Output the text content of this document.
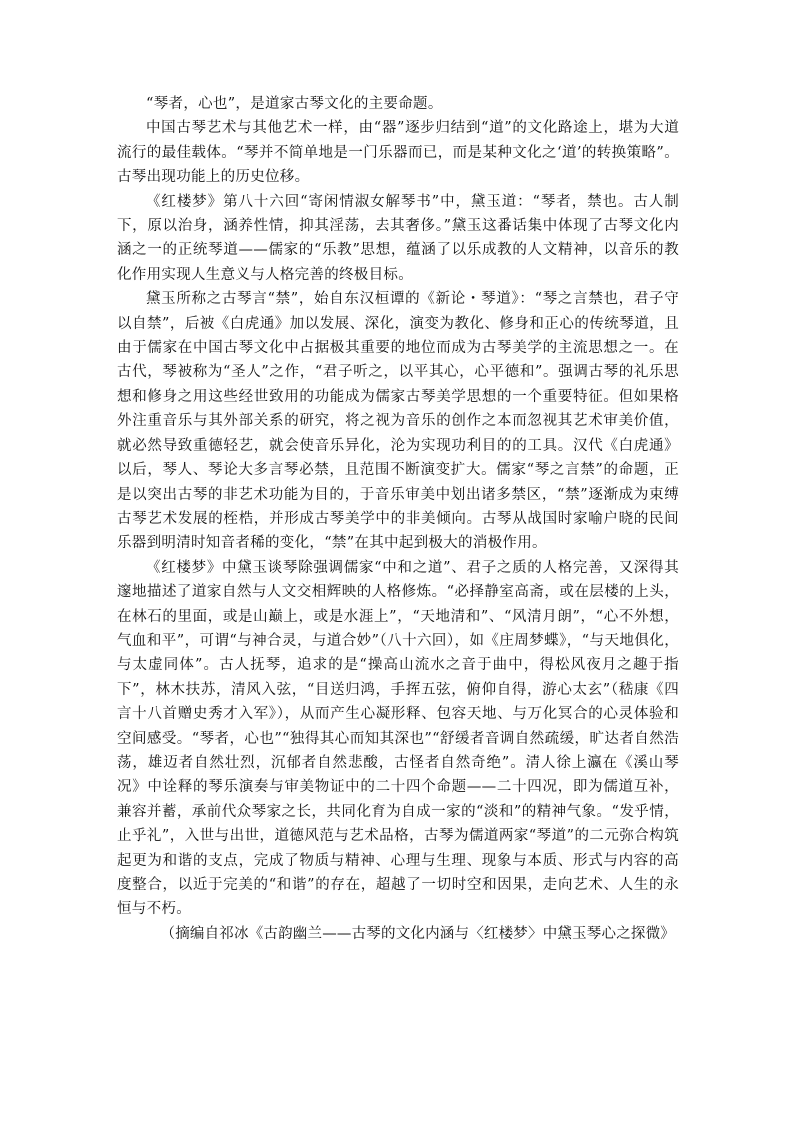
“琴者，心也”，是道家古琴文化的主要命题。

中国古琴艺术与其他艺术一样，由“器”逐步归结到“道”的文化路途上，堪为大道流行的最佳载体。“琴并不简单地是一门乐器而已，而是某种文化之‘道’的转换策略”。古琴出现功能上的历史位移。

《红楼梦》第八十六回“寄闲情淑女解琴书”中，黛玉道：“琴者，禁也。古人制下，原以治身，涵养性情，抑其淫荡，去其奢侈。”黛玉这番话集中体现了古琴文化内涵之一的正统琴道——儒家的“乐教”思想，蕴涵了以乐成教的人文精神，以音乐的教化作用实现人生意义与人格完善的终极目标。

黛玉所称之古琴言“禁”，始自东汉桓谭的《新论・琴道》：“琴之言禁也，君子守以自禁”，后被《白虎通》加以发展、深化，演变为教化、修身和正心的传统琴道，且由于儒家在中国古琴文化中占据极其重要的地位而成为古琴美学的主流思想之一。在古代，琴被称为“圣人”之作，“君子听之，以平其心，心平德和”。强调古琴的礼乐思想和修身之用这些经世致用的功能成为儒家古琴美学思想的一个重要特征。但如果格外注重音乐与其外部关系的研究，将之视为音乐的创作之本而忽视其艺术审美价值，就必然导致重德轻艺，就会使音乐异化，沦为实现功利目的的工具。汉代《白虎通》以后，琴人、琴论大多言琴必禁，且范围不断演变扩大。儒家“琴之言禁”的命题，正是以突出古琴的非艺术功能为目的，于音乐审美中划出诸多禁区，“禁”逐渐成为束缚古琴艺术发展的桎梏，并形成古琴美学中的非美倾向。古琴从战国时家喻户晓的民间乐器到明清时知音者稀的变化，“禁”在其中起到极大的消极作用。

《红楼梦》中黛玉谈琴除强调儒家“中和之道”、君子之质的人格完善，又深得其邃地描述了道家自然与人文交相辉映的人格修炼。“必择静室高斋，或在层楼的上头，在林石的里面，或是山巅上，或是水涯上”，“天地清和”、“风清月朗”，“心不外想，气血和平”，可谓“与神合灵，与道合妙”（八十六回），如《庄周梦蝶》，“与天地俱化，与太虚同体”。古人抚琴，追求的是“操高山流水之音于曲中，得松风夜月之趣于指下”，林木扶苏，清风入弦，“目送归鸿，手挥五弦，俯仰自得，游心太玄”（嵇康《四言十八首赠史秀才入军》），从而产生心凝形释、包容天地、与万化冥合的心灵体验和空间感受。“琴者，心也”“独得其心而知其深也”“舒缓者音调自然疏缓，旷达者自然浩荡，雄迈者自然壮烈，沉郁者自然悲酸，古怪者自然奇绝”。清人徐上瀛在《溪山琴况》中诠释的琴乐演奏与审美物证中的二十四个命题——二十四况，即为儒道互补，兼容并蓄，承前代众琴家之长，共同化育为自成一家的“淡和”的精神气象。“发乎情，止乎礼”，入世与出世，道德风范与艺术品格，古琴为儒道两家“琴道”的二元弥合构筑起更为和谐的支点，完成了物质与精神、心理与生理、现象与本质、形式与内容的高度整合，以近于完美的“和谐”的存在，超越了一切时空和因果，走向艺术、人生的永恒与不朽。

（摘编自祁冰《古韵幽兰——古琴的文化内涵与〈红楼梦〉中黛玉琴心之探微》
